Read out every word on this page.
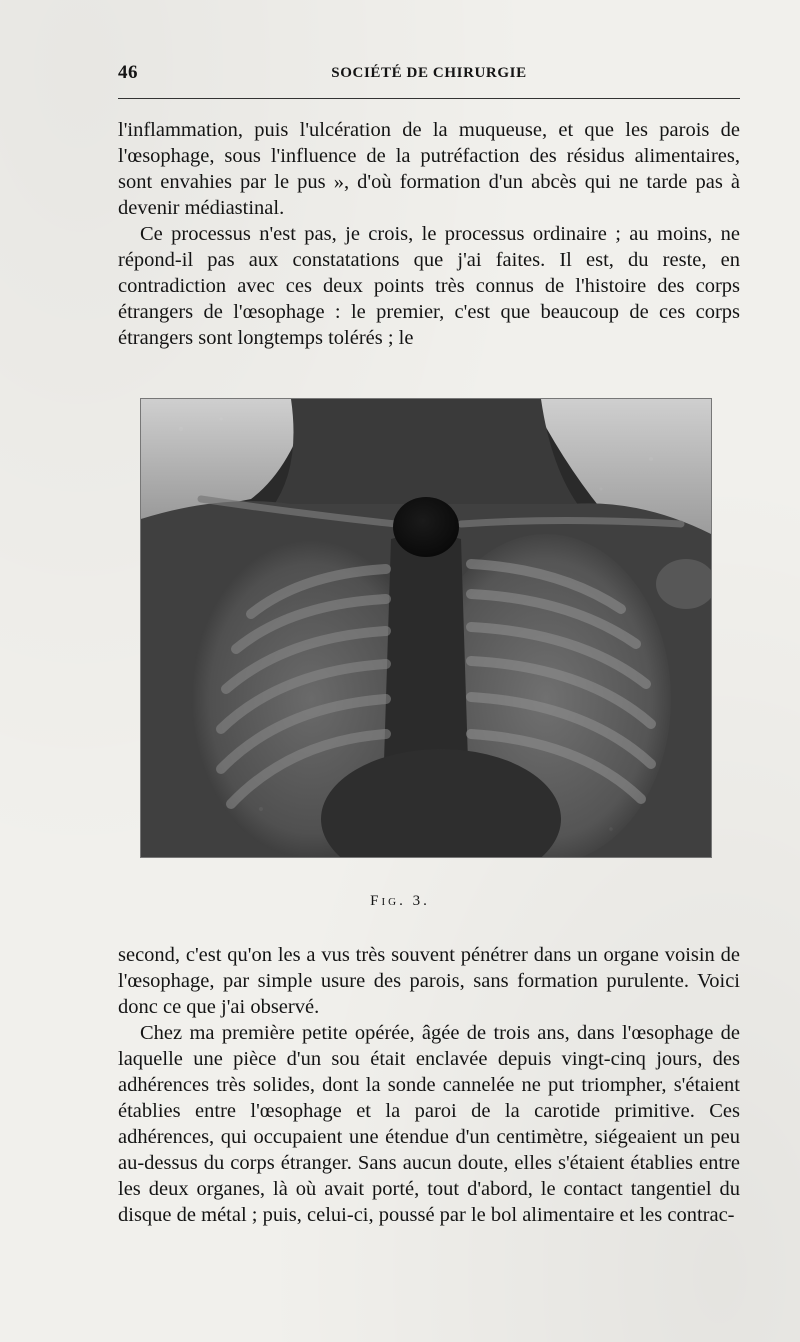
46	SOCIÉTÉ DE CHIRURGIE

l'inflammation, puis l'ulcération de la muqueuse, et que les parois de l'œsophage, sous l'influence de la putréfaction des résidus alimentaires, sont envahies par le pus », d'où formation d'un abcès qui ne tarde pas à devenir médiastinal.

Ce processus n'est pas, je crois, le processus ordinaire ; au moins, ne répond-il pas aux constatations que j'ai faites. Il est, du reste, en contradiction avec ces deux points très connus de l'histoire des corps étrangers de l'œsophage : le premier, c'est que beaucoup de ces corps étrangers sont longtemps tolérés ; le

Fig. 3.

second, c'est qu'on les a vus très souvent pénétrer dans un organe voisin de l'œsophage, par simple usure des parois, sans formation purulente. Voici donc ce que j'ai observé.

Chez ma première petite opérée, âgée de trois ans, dans l'œsophage de laquelle une pièce d'un sou était enclavée depuis vingt-cinq jours, des adhérences très solides, dont la sonde cannelée ne put triompher, s'étaient établies entre l'œsophage et la paroi de la carotide primitive. Ces adhérences, qui occupaient une étendue d'un centimètre, siégeaient un peu au-dessus du corps étranger. Sans aucun doute, elles s'étaient établies entre les deux organes, là où avait porté, tout d'abord, le contact tangentiel du disque de métal ; puis, celui-ci, poussé par le bol alimentaire et les contrac-
